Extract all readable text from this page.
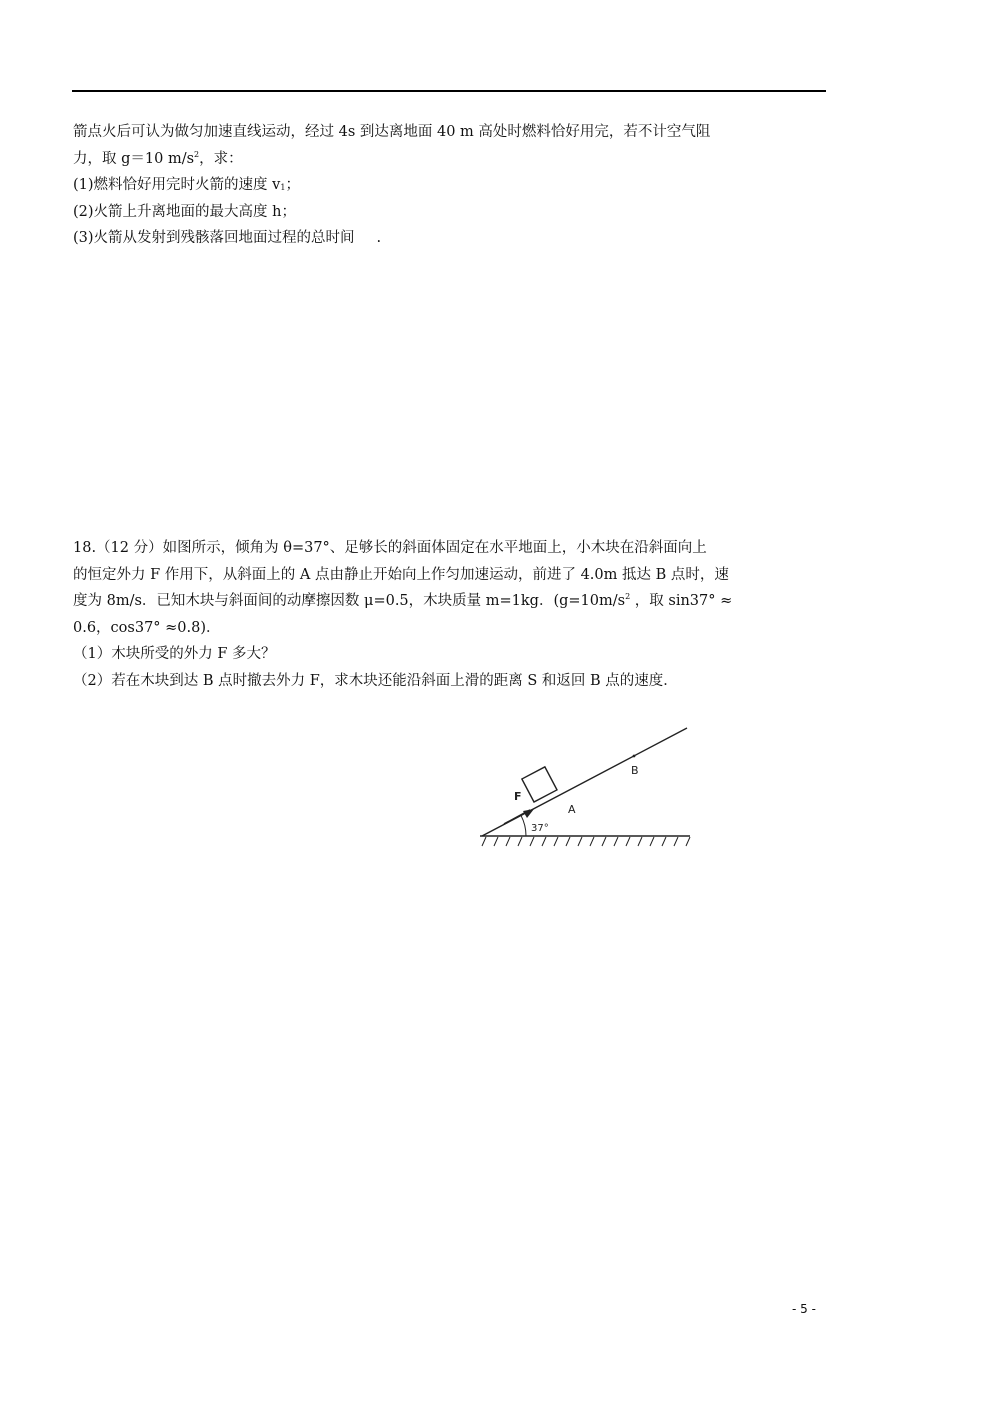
箭点火后可认为做匀加速直线运动，经过 4s 到达离地面 40 m 高处时燃料恰好用完，若不计空气阻
力，取 g＝10 $m/s^2$，求：
(1)燃料恰好用完时火箭的速度 $v_1$；
(2)火箭上升离地面的最大高度 h；
(3)火箭从发射到残骸落回地面过程的总时间 .
18.（12 分）如图所示，倾角为 θ=37°、足够长的斜面体固定在水平地面上，小木块在沿斜面向上
的恒定外力 F 作用下，从斜面上的 A 点由静止开始向上作匀加速运动，前进了 4.0m 抵达 B 点时，速
度为 8m/s．已知木块与斜面间的动摩擦因数 μ=0.5，木块质量 m=1kg．($g=10m/s^2$ ，取 sin37° ≈
0.6，cos37° ≈0.8)．
（1）木块所受的外力 F 多大？
（2）若在木块到达 B 点时撤去外力 F，求木块还能沿斜面上滑的距离 S 和返回 B 点的速度．
F
A
B
37°
- 5 -
